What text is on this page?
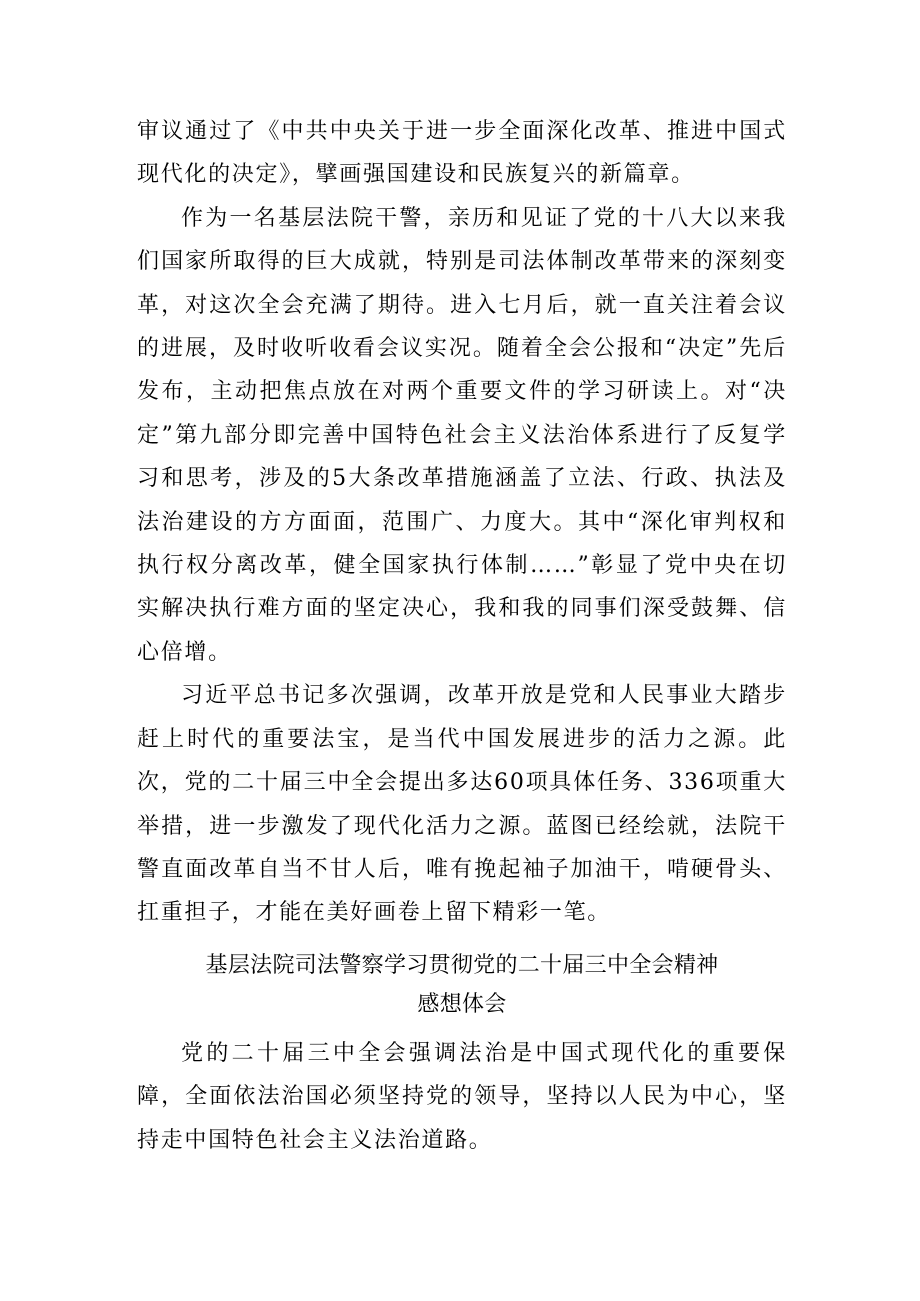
审议通过了《中共中央关于进一步全面深化改革、推进中国式现代化的决定》，擘画强国建设和民族复兴的新篇章。

作为一名基层法院干警，亲历和见证了党的十八大以来我们国家所取得的巨大成就，特别是司法体制改革带来的深刻变革，对这次全会充满了期待。进入七月后，就一直关注着会议的进展，及时收听收看会议实况。随着全会公报和“决定”先后发布，主动把焦点放在对两个重要文件的学习研读上。对“决定”第九部分即完善中国特色社会主义法治体系进行了反复学习和思考，涉及的5大条改革措施涵盖了立法、行政、执法及法治建设的方方面面，范围广、力度大。其中“深化审判权和执行权分离改革，健全国家执行体制……”彰显了党中央在切实解决执行难方面的坚定决心，我和我的同事们深受鼓舞、信心倍增。

习近平总书记多次强调，改革开放是党和人民事业大踏步赶上时代的重要法宝，是当代中国发展进步的活力之源。此次，党的二十届三中全会提出多达60项具体任务、336项重大举措，进一步激发了现代化活力之源。蓝图已经绘就，法院干警直面改革自当不甘人后，唯有挽起袖子加油干，啃硬骨头、扛重担子，才能在美好画卷上留下精彩一笔。

基层法院司法警察学习贯彻党的二十届三中全会精神
感想体会

党的二十届三中全会强调法治是中国式现代化的重要保障，全面依法治国必须坚持党的领导，坚持以人民为中心，坚持走中国特色社会主义法治道路。
